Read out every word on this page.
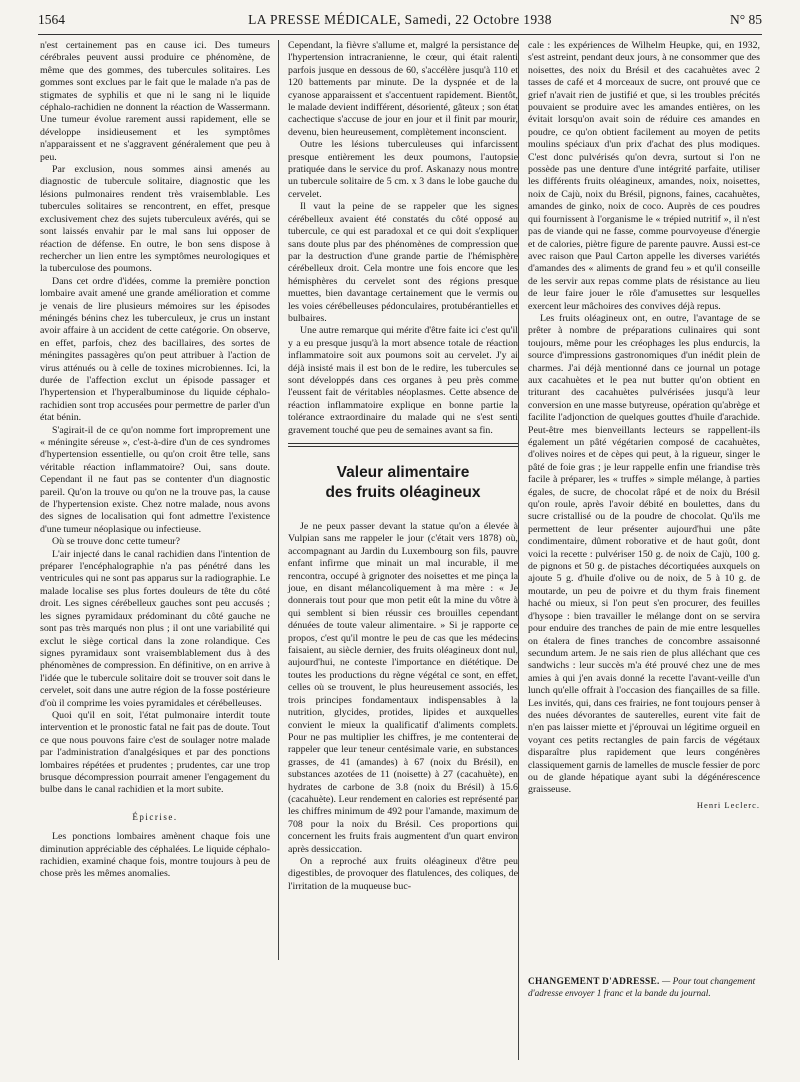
1564	LA PRESSE MÉDICALE, Samedi, 22 Octobre 1938	N° 85

n'est certainement pas en cause ici. Des tumeurs cérébrales peuvent aussi produire ce phénomène, de même que des gommes, des tubercules solitaires. Les gommes sont exclues par le fait que le malade n'a pas de stigmates de syphilis et que ni le sang ni le liquide céphalo-rachidien ne donnent la réaction de Wassermann. Une tumeur évolue rarement aussi rapidement, elle se développe insidieusement et les symptômes n'apparaissent et ne s'aggravent généralement que peu à peu.

Par exclusion, nous sommes ainsi amenés au diagnostic de tubercule solitaire, diagnostic que les lésions pulmonaires rendent très vraisemblable. Les tubercules solitaires se rencontrent, en effet, presque exclusivement chez des sujets tuberculeux avérés, qui se sont laissés envahir par le mal sans lui opposer de réaction de défense. En outre, le bon sens dispose à rechercher un lien entre les symptômes neurologiques et la tuberculose des poumons.

Dans cet ordre d'idées, comme la première ponction lombaire avait amené une grande amélioration et comme je venais de lire plusieurs mémoires sur les épisodes méningés bénins chez les tuberculeux, je crus un instant avoir affaire à un accident de cette catégorie. On observe, en effet, parfois, chez des bacillaires, des sortes de méningites passagères qu'on peut attribuer à l'action de virus atténués ou à celle de toxines microbiennes. Ici, la durée de l'affection exclut un épisode passager et l'hypertension et l'hyperalbuminose du liquide céphalo-rachidien sont trop accusées pour permettre de parler d'un état bénin.

S'agirait-il de ce qu'on nomme fort improprement une « méningite séreuse », c'est-à-dire d'un de ces syndromes d'hypertension essentielle, ou qu'on croit être telle, sans véritable réaction inflammatoire? Oui, sans doute. Cependant il ne faut pas se contenter d'un diagnostic pareil. Qu'on la trouve ou qu'on ne la trouve pas, la cause de l'hypertension existe. Chez notre malade, nous avons des signes de localisation qui font admettre l'existence d'une tumeur néoplasique ou infectieuse.

Où se trouve donc cette tumeur?

L'air injecté dans le canal rachidien dans l'intention de préparer l'encéphalographie n'a pas pénétré dans les ventricules qui ne sont pas apparus sur la radiographie. Le malade localise ses plus fortes douleurs de tête du côté droit. Les signes cérébelleux gauches sont peu accusés ; les signes pyramidaux prédominant du côté gauche ne sont pas très marqués non plus ; il ont une variabilité qui exclut le siège cortical dans la zone rolandique. Ces signes pyramidaux sont vraisemblablement dus à des phénomènes de compression. En définitive, on en arrive à l'idée que le tubercule solitaire doit se trouver soit dans le cervelet, soit dans une autre région de la fosse postérieure d'où il comprime les voies pyramidales et cérébelleuses.

Quoi qu'il en soit, l'état pulmonaire interdit toute intervention et le pronostic fatal ne fait pas de doute. Tout ce que nous pouvons faire c'est de soulager notre malade par l'administration d'analgésiques et par des ponctions lombaires répétées et prudentes ; prudentes, car une trop brusque décompression pourrait amener l'engagement du bulbe dans le canal rachidien et la mort subite.

Épicrise.

Les ponctions lombaires amènent chaque fois une diminution appréciable des céphalées. Le liquide céphalo-rachidien, examiné chaque fois, montre toujours à peu de chose près les mêmes anomalies.

Cependant, la fièvre s'allume et, malgré la persistance de l'hypertension intracranienne, le cœur, qui était ralenti parfois jusque en dessous de 60, s'accélère jusqu'à 110 et 120 battements par minute. De la dyspnée et de la cyanose apparaissent et s'accentuent rapidement. Bientôt, le malade devient indifférent, désorienté, gâteux ; son état cachectique s'accuse de jour en jour et il finit par mourir, devenu, bien heureusement, complètement inconscient.

Outre les lésions tuberculeuses qui infarcissent presque entièrement les deux poumons, l'autopsie pratiquée dans le service du prof. Askanazy nous montre un tubercule solitaire de 5 cm. x 3 dans le lobe gauche du cervelet.

Il vaut la peine de se rappeler que les signes cérébelleux avaient été constatés du côté opposé au tubercule, ce qui est paradoxal et ce qui doit s'expliquer sans doute plus par des phénomènes de compression que par la destruction d'une grande partie de l'hémisphère cérébelleux droit. Cela montre une fois encore que les hémisphères du cervelet sont des régions presque muettes, bien davantage certainement que le vermis ou les voies cérébelleuses pédonculaires, protubérantielles et bulbaires.

Une autre remarque qui mérite d'être faite ici c'est qu'il y a eu presque jusqu'à la mort absence totale de réaction inflammatoire soit aux poumons soit au cervelet. J'y ai déjà insisté mais il est bon de le redire, les tubercules se sont développés dans ces organes à peu près comme l'eussent fait de véritables néoplasmes. Cette absence de réaction inflammatoire explique en bonne partie la tolérance extraordinaire du malade qui ne s'est senti gravement touché que peu de semaines avant sa fin.

Valeur alimentaire
des fruits oléagineux

Je ne peux passer devant la statue qu'on a élevée à Vulpian sans me rappeler le jour (c'était vers 1878) où, accompagnant au Jardin du Luxembourg son fils, pauvre enfant infirme que minait un mal incurable, il me rencontra, occupé à grignoter des noisettes et me pinça la joue, en disant mélancoliquement à ma mère : « Je donnerais tout pour que mon petit eût la mine du vôtre à qui semblent si bien réussir ces brouilles cependant dénuées de toute valeur alimentaire. » Si je rapporte ce propos, c'est qu'il montre le peu de cas que les médecins faisaient, au siècle dernier, des fruits oléagineux dont nul, aujourd'hui, ne conteste l'importance en diététique. De toutes les productions du règne végétal ce sont, en effet, celles où se trouvent, le plus heureusement associés, les trois principes fondamentaux indispensables à la nutrition, glycides, protides, lipides et auxquelles convient le mieux la qualificatif d'aliments complets. Pour ne pas multiplier les chiffres, je me contenterai de rappeler que leur teneur centésimale varie, en substances grasses, de 41 (amandes) à 67 (noix du Brésil), en substances azotées de 11 (noisette) à 27 (cacahuète), en hydrates de carbone de 3.8 (noix du Brésil) à 15.6 (cacahuète). Leur rendement en calories est représenté par les chiffres minimum de 492 pour l'amande, maximum de 708 pour la noix du Brésil. Ces proportions qui concernent les fruits frais augmentent d'un quart environ après dessiccation.

On a reproché aux fruits oléagineux d'être peu digestibles, de provoquer des flatulences, des coliques, de l'irritation de la muqueuse buc-

cale : les expériences de Wilhelm Heupke, qui, en 1932, s'est astreint, pendant deux jours, à ne consommer que des noisettes, des noix du Brésil et des cacahuètes avec 2 tasses de café et 4 morceaux de sucre, ont prouvé que ce grief n'avait rien de justifié et que, si les troubles précités pouvaient se produire avec les amandes entières, on les évitait lorsqu'on avait soin de réduire ces amandes en poudre, ce qu'on obtient facilement au moyen de petits moulins spéciaux d'un prix d'achat des plus modiques. C'est donc pulvérisés qu'on devra, surtout si l'on ne possède pas une denture d'une intégrité parfaite, utiliser les différents fruits oléagineux, amandes, noix, noisettes, noix de Cajù, noix du Brésil, pignons, faines, cacahuètes, amandes de ginko, noix de coco. Auprès de ces poudres qui fournissent à l'organisme le « trépied nutritif », il n'est pas de viande qui ne fasse, comme pourvoyeuse d'énergie et de calories, piètre figure de parente pauvre. Aussi est-ce avec raison que Paul Carton appelle les diverses variétés d'amandes des « aliments de grand feu » et qu'il conseille de les servir aux repas comme plats de résistance au lieu de leur faire jouer le rôle d'amusettes sur lesquelles exercent leur mâchoires des convives déjà repus.

Les fruits oléagineux ont, en outre, l'avantage de se prêter à nombre de préparations culinaires qui sont toujours, même pour les créophages les plus endurcis, la source d'impressions gastronomiques d'un inédit plein de charmes. J'ai déjà mentionné dans ce journal un potage aux cacahuètes et le pea nut butter qu'on obtient en triturant des cacahuètes pulvérisées jusqu'à leur conversion en une masse butyreuse, opération qu'abrège et facilite l'adjonction de quelques gouttes d'huile d'arachide. Peut-être mes bienveillants lecteurs se rappellent-ils également un pâté végétarien composé de cacahuètes, d'olives noires et de cèpes qui peut, à la rigueur, singer le pâté de foie gras ; je leur rappelle enfin une friandise très facile à préparer, les « truffes » simple mélange, à parties égales, de sucre, de chocolat râpé et de noix du Brésil qu'on roule, après l'avoir débité en boulettes, dans du sucre cristallisé ou de la poudre de chocolat. Qu'ils me permettent de leur présenter aujourd'hui une pâte condimentaire, dûment roborative et de haut goût, dont voici la recette : pulvériser 150 g. de noix de Cajù, 100 g. de pignons et 50 g. de pistaches décortiquées auxquels on ajoute 5 g. d'huile d'olive ou de noix, de 5 à 10 g. de moutarde, un peu de poivre et du thym frais finement haché ou mieux, si l'on peut s'en procurer, des feuilles d'hysope : bien travailler le mélange dont on se servira pour enduire des tranches de pain de mie entre lesquelles on étalera de fines tranches de concombre assaisonné secundum artem. Je ne sais rien de plus alléchant que ces sandwichs : leur succès m'a été prouvé chez une de mes amies à qui j'en avais donné la recette l'avant-veille d'un lunch qu'elle offrait à l'occasion des fiançailles de sa fille. Les invités, qui, dans ces frairies, ne font toujours penser à des nuées dévorantes de sauterelles, eurent vite fait de n'en pas laisser miette et j'éprouvai un légitime orgueil en voyant ces petits rectangles de pain farcis de végétaux disparaître plus rapidement que leurs congénères classiquement garnis de lamelles de muscle fessier de porc ou de glande hépatique ayant subi la dégénérescence graisseuse.

Henri Leclerc.

CHANGEMENT D'ADRESSE. — Pour tout changement d'adresse envoyer 1 franc et la bande du journal.
